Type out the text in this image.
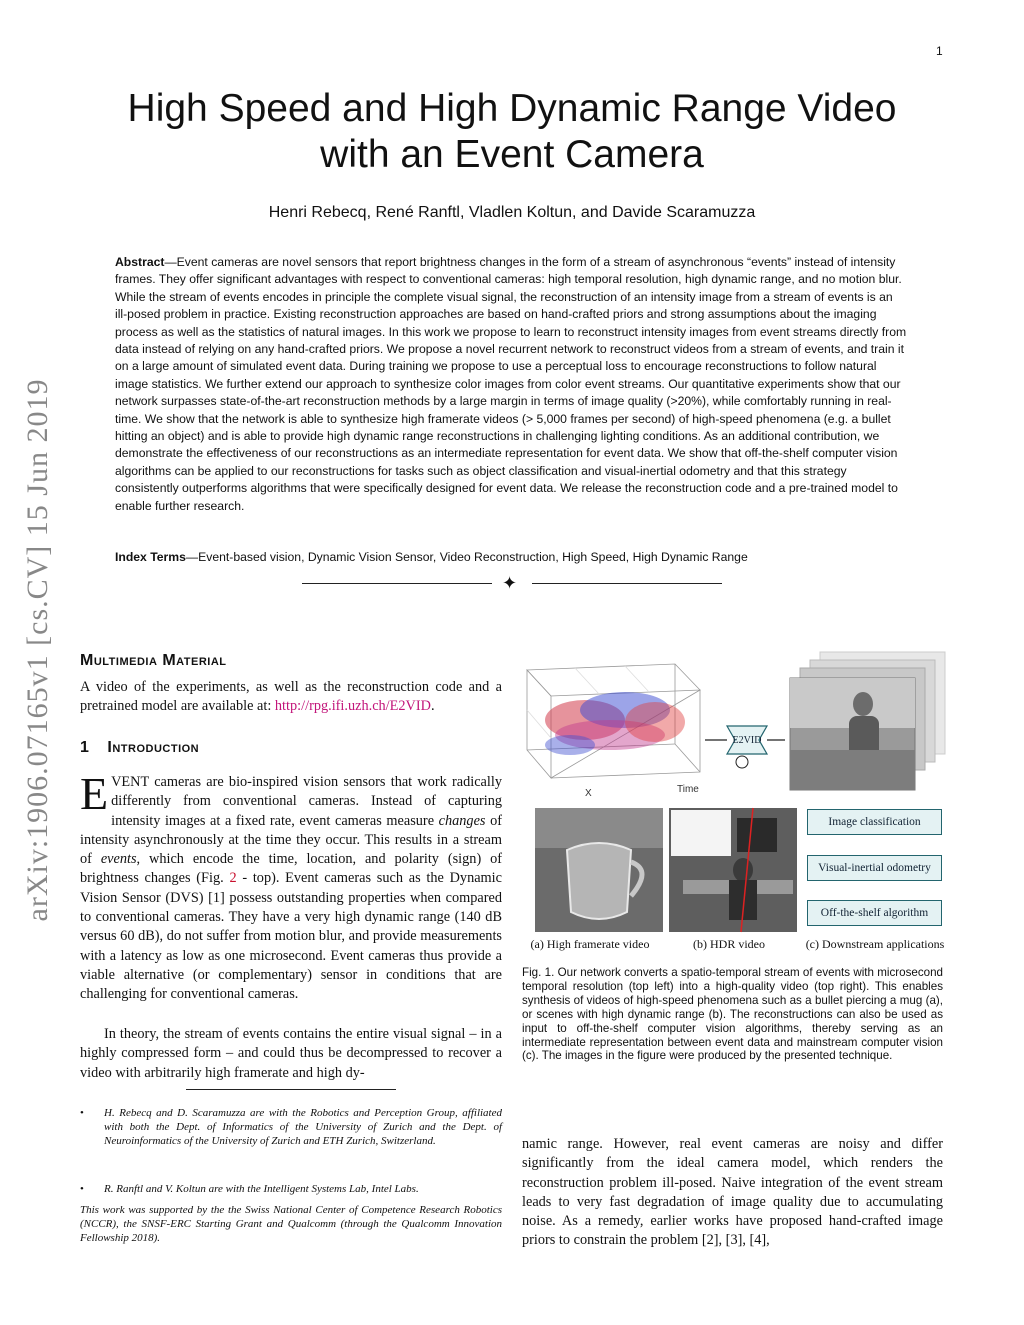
1
arXiv:1906.07165v1 [cs.CV] 15 Jun 2019
High Speed and High Dynamic Range Video
with an Event Camera
Henri Rebecq, René Ranftl, Vladlen Koltun, and Davide Scaramuzza
Abstract—Event cameras are novel sensors that report brightness changes in the form of a stream of asynchronous “events” instead of intensity frames. They offer significant advantages with respect to conventional cameras: high temporal resolution, high dynamic range, and no motion blur. While the stream of events encodes in principle the complete visual signal, the reconstruction of an intensity image from a stream of events is an ill-posed problem in practice. Existing reconstruction approaches are based on hand-crafted priors and strong assumptions about the imaging process as well as the statistics of natural images. In this work we propose to learn to reconstruct intensity images from event streams directly from data instead of relying on any hand-crafted priors. We propose a novel recurrent network to reconstruct videos from a stream of events, and train it on a large amount of simulated event data. During training we propose to use a perceptual loss to encourage reconstructions to follow natural image statistics. We further extend our approach to synthesize color images from color event streams. Our quantitative experiments show that our network surpasses state-of-the-art reconstruction methods by a large margin in terms of image quality (>20%), while comfortably running in real-time. We show that the network is able to synthesize high framerate videos (> 5,000 frames per second) of high-speed phenomena (e.g. a bullet hitting an object) and is able to provide high dynamic range reconstructions in challenging lighting conditions. As an additional contribution, we demonstrate the effectiveness of our reconstructions as an intermediate representation for event data. We show that off-the-shelf computer vision algorithms can be applied to our reconstructions for tasks such as object classification and visual-inertial odometry and that this strategy consistently outperforms algorithms that were specifically designed for event data. We release the reconstruction code and a pre-trained model to enable further research.
Index Terms—Event-based vision, Dynamic Vision Sensor, Video Reconstruction, High Speed, High Dynamic Range
✦
Multimedia Material
A video of the experiments, as well as the reconstruction code and a pretrained model are available at: http://rpg.ifi.uzh.ch/E2VID.
1 Introduction
EVENT cameras are bio-inspired vision sensors that work radically differently from conventional cameras. Instead of capturing intensity images at a fixed rate, event cameras measure changes of intensity asynchronously at the time they occur. This results in a stream of events, which encode the time, location, and polarity (sign) of brightness changes (Fig. 2 - top). Event cameras such as the Dynamic Vision Sensor (DVS) [1] possess outstanding properties when compared to conventional cameras. They have a very high dynamic range (140 dB versus 60 dB), do not suffer from motion blur, and provide measurements with a latency as low as one microsecond. Event cameras thus provide a viable alternative (or complementary) sensor in conditions that are challenging for conventional cameras.
In theory, the stream of events contains the entire visual signal – in a highly compressed form – and could thus be decompressed to recover a video with arbitrarily high framerate and high dy-
• H. Rebecq and D. Scaramuzza are with the Robotics and Perception Group, affiliated with both the Dept. of Informatics of the University of Zurich and the Dept. of Neuroinformatics of the University of Zurich and ETH Zurich, Switzerland.
• R. Ranftl and V. Koltun are with the Intelligent Systems Lab, Intel Labs.
This work was supported by the the Swiss National Center of Competence Research Robotics (NCCR), the SNSF-ERC Starting Grant and Qualcomm (through the Qualcomm Innovation Fellowship 2018).
X	Time
E2VID
(a) High framerate video	(b) HDR video	(c) Downstream applications
Image classification
Visual-inertial odometry
Off-the-shelf algorithm
Fig. 1. Our network converts a spatio-temporal stream of events with microsecond temporal resolution (top left) into a high-quality video (top right). This enables synthesis of videos of high-speed phenomena such as a bullet piercing a mug (a), or scenes with high dynamic range (b). The reconstructions can also be used as input to off-the-shelf computer vision algorithms, thereby serving as an intermediate representation between event data and mainstream computer vision (c). The images in the figure were produced by the presented technique.
namic range. However, real event cameras are noisy and differ significantly from the ideal camera model, which renders the reconstruction problem ill-posed. Naive integration of the event stream leads to very fast degradation of image quality due to accumulating noise. As a remedy, earlier works have proposed hand-crafted image priors to constrain the problem [2], [3], [4],
